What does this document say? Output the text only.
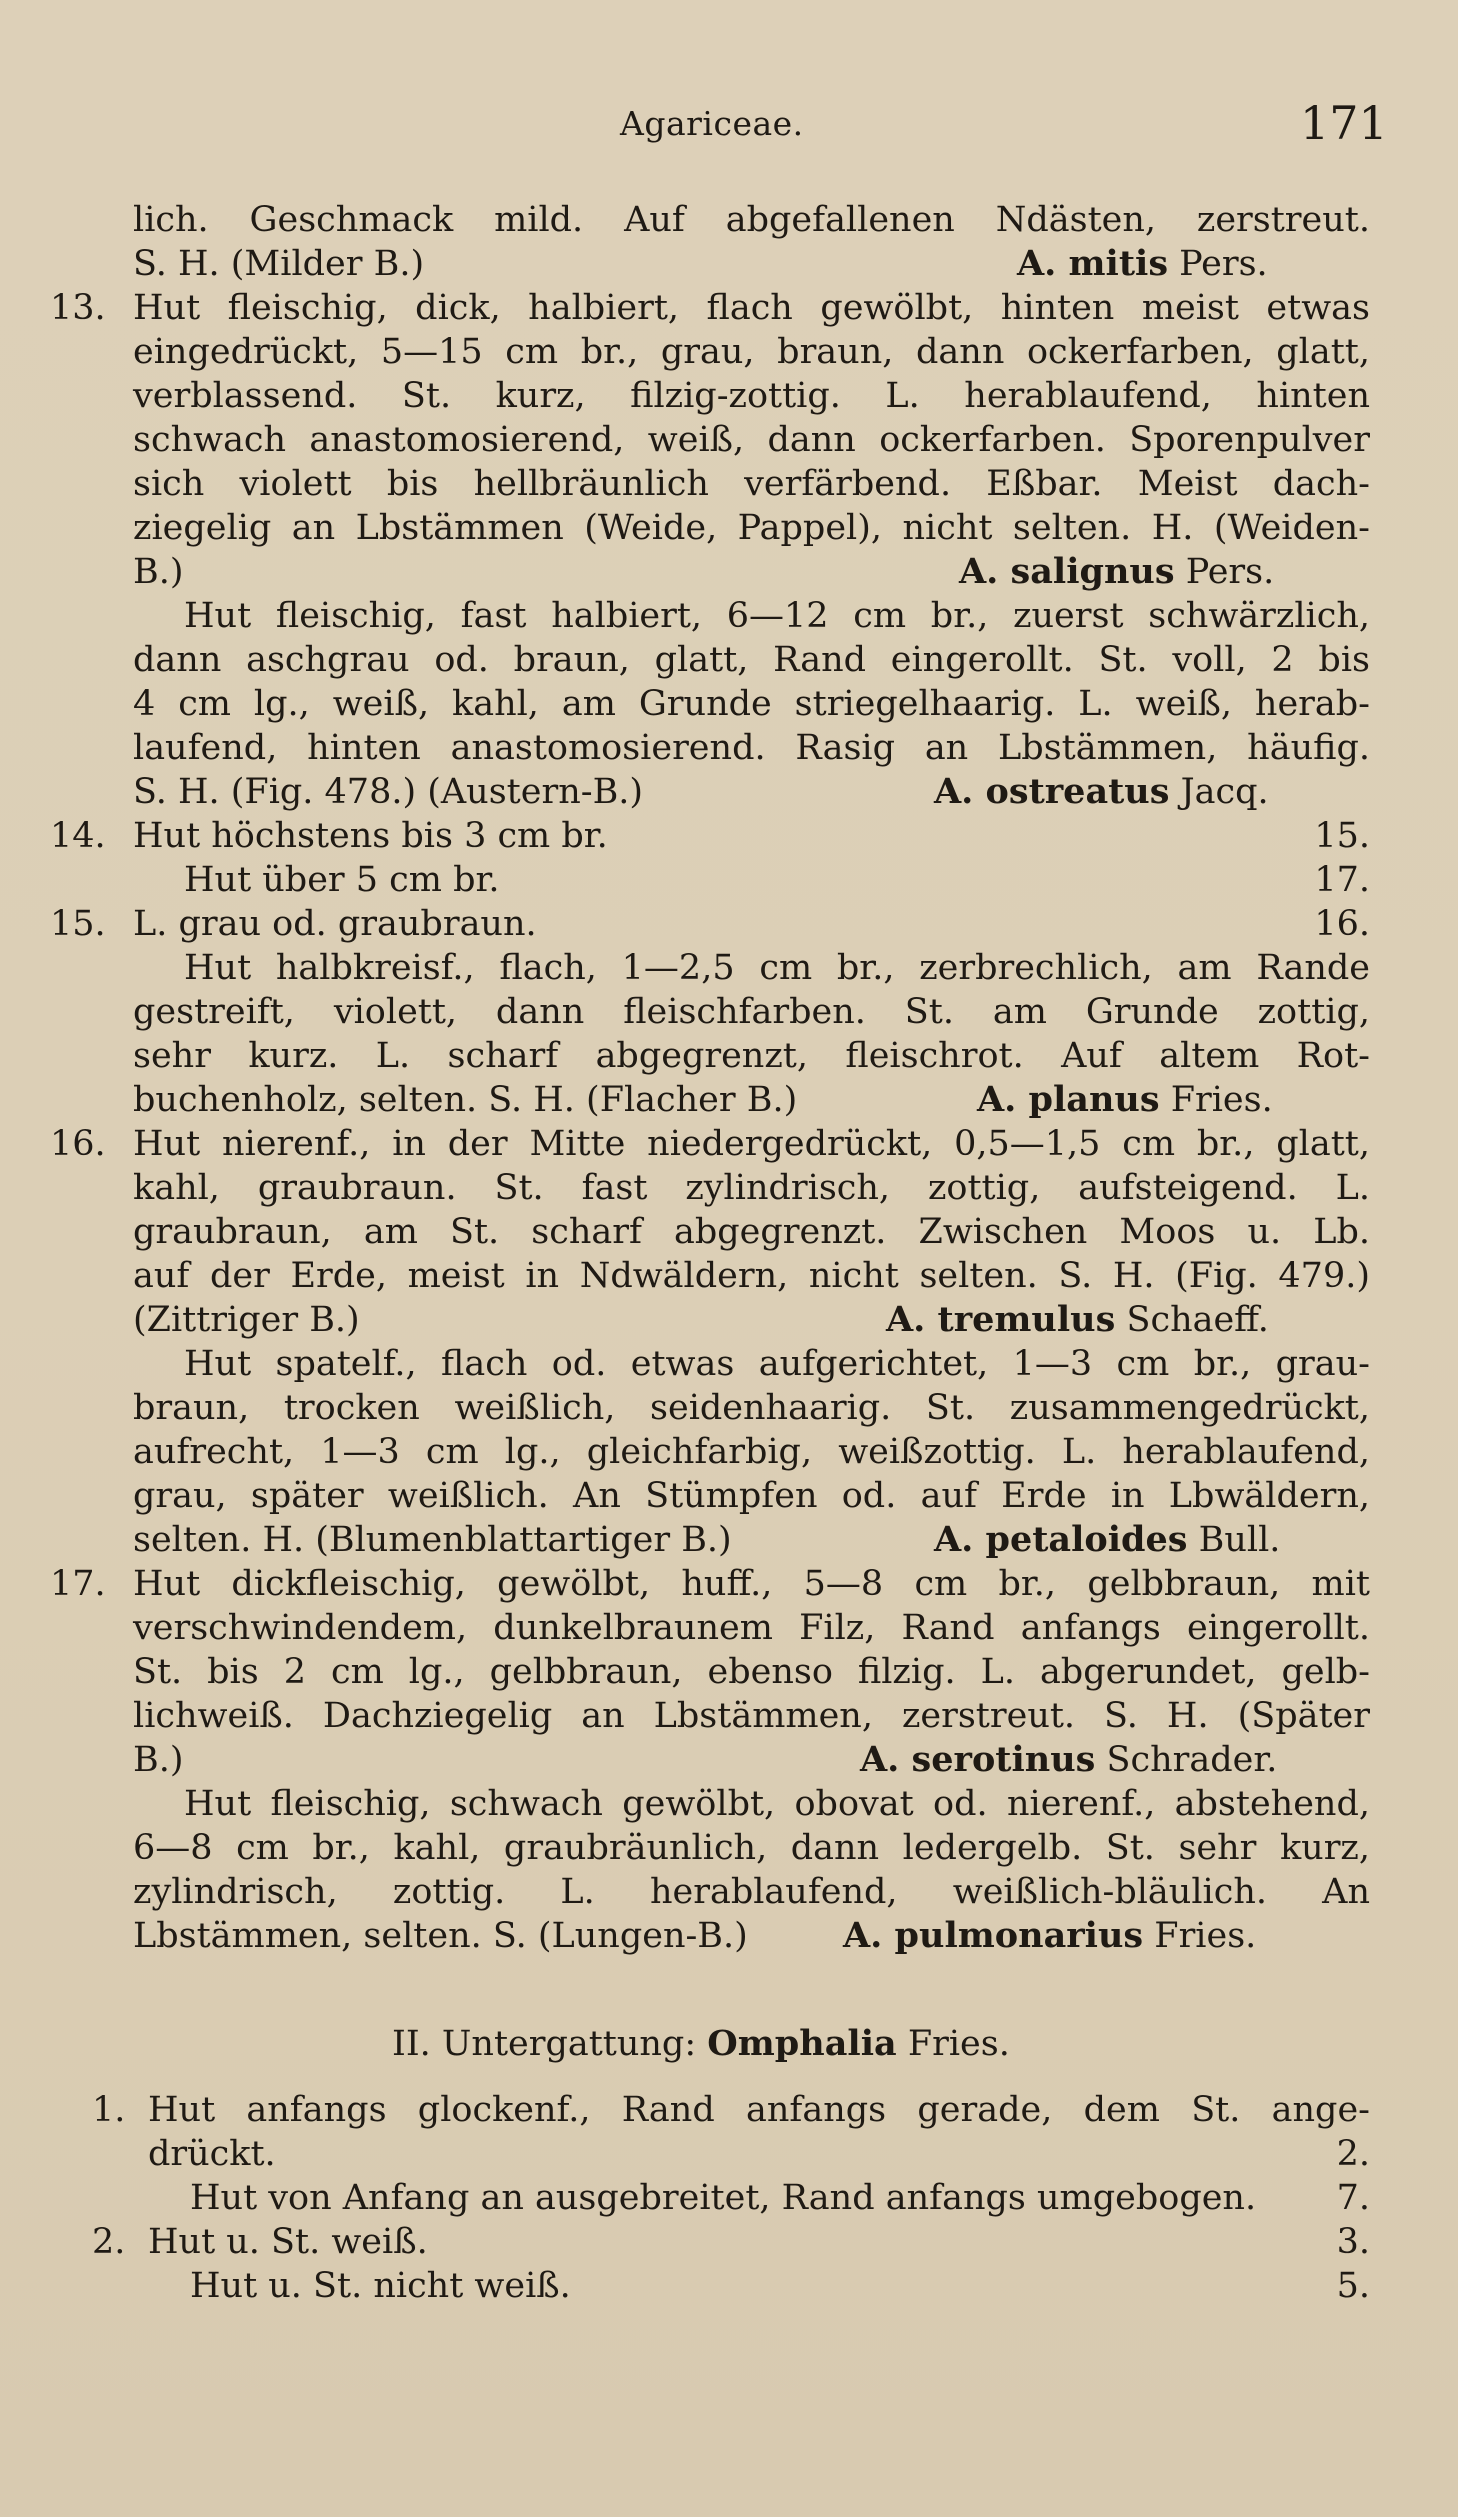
Agariceae.	171
lich. Geschmack mild. Auf abgefallenen Ndästen, zerstreut.
S. H. (Milder B.)	A. mitis Pers.
13. Hut fleischig, dick, halbiert, flach gewölbt, hinten meist etwas
eingedrückt, 5—15 cm br., grau, braun, dann ockerfarben, glatt,
verblassend. St. kurz, filzig-zottig. L. herablaufend, hinten
schwach anastomosierend, weiß, dann ockerfarben. Sporenpulver
sich violett bis hellbräunlich verfärbend. Eßbar. Meist dach-
ziegelig an Lbstämmen (Weide, Pappel), nicht selten. H. (Weiden-
B.)	A. salignus Pers.
Hut fleischig, fast halbiert, 6—12 cm br., zuerst schwärzlich,
dann aschgrau od. braun, glatt, Rand eingerollt. St. voll, 2 bis
4 cm lg., weiß, kahl, am Grunde striegelhaarig. L. weiß, herab-
laufend, hinten anastomosierend. Rasig an Lbstämmen, häufig.
S. H. (Fig. 478.) (Austern-B.)	A. ostreatus Jacq.
14. Hut höchstens bis 3 cm br.	15.
Hut über 5 cm br.	17.
15. L. grau od. graubraun.	16.
Hut halbkreisf., flach, 1—2,5 cm br., zerbrechlich, am Rande
gestreift, violett, dann fleischfarben. St. am Grunde zottig,
sehr kurz. L. scharf abgegrenzt, fleischrot. Auf altem Rot-
buchenholz, selten. S. H. (Flacher B.)	A. planus Fries.
16. Hut nierenf., in der Mitte niedergedrückt, 0,5—1,5 cm br., glatt,
kahl, graubraun. St. fast zylindrisch, zottig, aufsteigend. L.
graubraun, am St. scharf abgegrenzt. Zwischen Moos u. Lb.
auf der Erde, meist in Ndwäldern, nicht selten. S. H. (Fig. 479.)
(Zittriger B.)	A. tremulus Schaeff.
Hut spatelf., flach od. etwas aufgerichtet, 1—3 cm br., grau-
braun, trocken weißlich, seidenhaarig. St. zusammengedrückt,
aufrecht, 1—3 cm lg., gleichfarbig, weißzottig. L. herablaufend,
grau, später weißlich. An Stümpfen od. auf Erde in Lbwäldern,
selten. H. (Blumenblattartiger B.)	A. petaloides Bull.
17. Hut dickfleischig, gewölbt, huff., 5—8 cm br., gelbbraun, mit
verschwindendem, dunkelbraunem Filz, Rand anfangs eingerollt.
St. bis 2 cm lg., gelbbraun, ebenso filzig. L. abgerundet, gelb-
lichweiß. Dachziegelig an Lbstämmen, zerstreut. S. H. (Später
B.)	A. serotinus Schrader.
Hut fleischig, schwach gewölbt, obovat od. nierenf., abstehend,
6—8 cm br., kahl, graubräunlich, dann ledergelb. St. sehr kurz,
zylindrisch, zottig. L. herablaufend, weißlich-bläulich. An
Lbstämmen, selten. S. (Lungen-B.)	A. pulmonarius Fries.
II. Untergattung: Omphalia Fries.
1. Hut anfangs glockenf., Rand anfangs gerade, dem St. ange-
drückt.	2.
Hut von Anfang an ausgebreitet, Rand anfangs umgebogen.	7.
2. Hut u. St. weiß.	3.
Hut u. St. nicht weiß.	5.
